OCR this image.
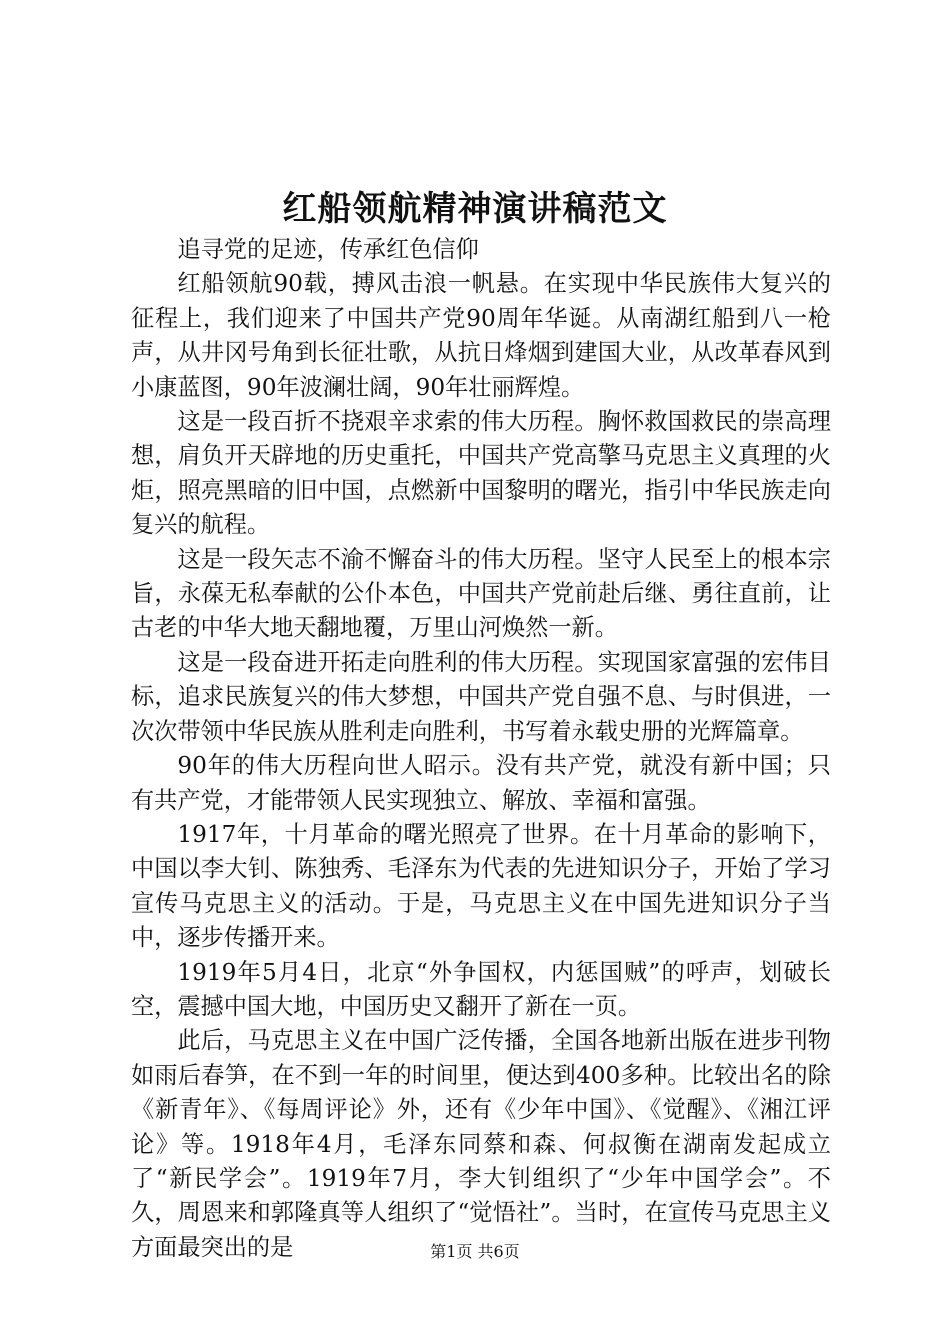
红船领航精神演讲稿范文

追寻党的足迹，传承红色信仰

红船领航90载，搏风击浪一帆悬。在实现中华民族伟大复兴的征程上，我们迎来了中国共产党90周年华诞。从南湖红船到八一枪声，从井冈号角到长征壮歌，从抗日烽烟到建国大业，从改革春风到小康蓝图，90年波澜壮阔，90年壮丽辉煌。

这是一段百折不挠艰辛求索的伟大历程。胸怀救国救民的崇高理想，肩负开天辟地的历史重托，中国共产党高擎马克思主义真理的火炬，照亮黑暗的旧中国，点燃新中国黎明的曙光，指引中华民族走向复兴的航程。

这是一段矢志不渝不懈奋斗的伟大历程。坚守人民至上的根本宗旨，永葆无私奉献的公仆本色，中国共产党前赴后继、勇往直前，让古老的中华大地天翻地覆，万里山河焕然一新。

这是一段奋进开拓走向胜利的伟大历程。实现国家富强的宏伟目标，追求民族复兴的伟大梦想，中国共产党自强不息、与时俱进，一次次带领中华民族从胜利走向胜利，书写着永载史册的光辉篇章。

90年的伟大历程向世人昭示。没有共产党，就没有新中国；只有共产党，才能带领人民实现独立、解放、幸福和富强。

1917年，十月革命的曙光照亮了世界。在十月革命的影响下，中国以李大钊、陈独秀、毛泽东为代表的先进知识分子，开始了学习宣传马克思主义的活动。于是，马克思主义在中国先进知识分子当中，逐步传播开来。

1919年5月4日，北京“外争国权，内惩国贼”的呼声，划破长空，震撼中国大地，中国历史又翻开了新在一页。

此后，马克思主义在中国广泛传播，全国各地新出版在进步刊物如雨后春笋，在不到一年的时间里，便达到400多种。比较出名的除《新青年》、《每周评论》外，还有《少年中国》、《觉醒》、《湘江评论》等。1918年4月，毛泽东同蔡和森、何叔衡在湖南发起成立了“新民学会”。1919年7月，李大钊组织了“少年中国学会”。不久，周恩来和郭隆真等人组织了“觉悟社”。当时，在宣传马克思主义方面最突出的是	第1页 共6页
